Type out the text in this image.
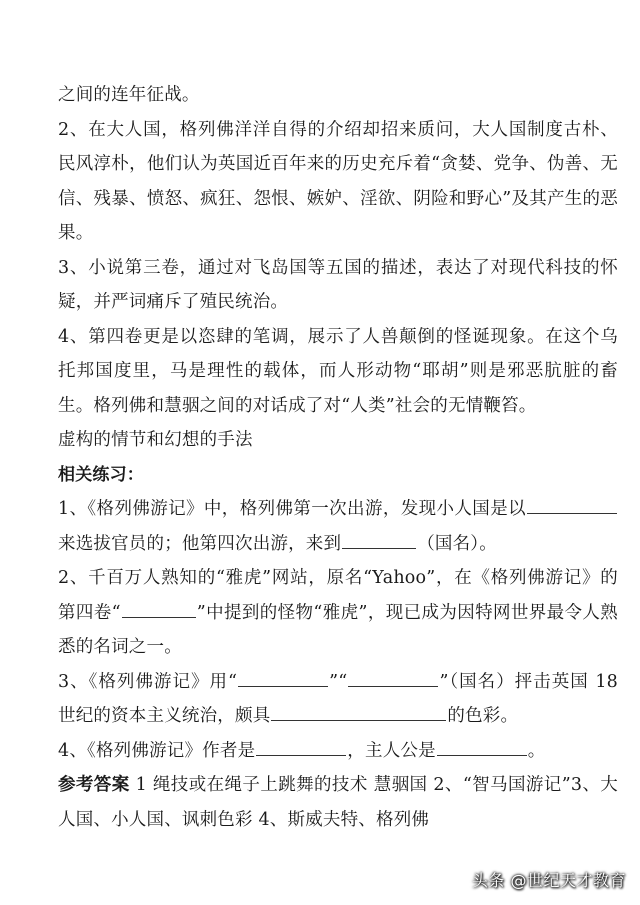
之间的连年征战。

2、在大人国，格列佛洋洋自得的介绍却招来质问，大人国制度古朴、民风淳朴，他们认为英国近百年来的历史充斥着“贪婪、党争、伪善、无信、残暴、愤怒、疯狂、怨恨、嫉妒、淫欲、阴险和野心”及其产生的恶果。

3、小说第三卷，通过对飞岛国等五国的描述，表达了对现代科技的怀疑，并严词痛斥了殖民统治。

4、第四卷更是以恣肆的笔调，展示了人兽颠倒的怪诞现象。在这个乌托邦国度里，马是理性的载体，而人形动物“耶胡”则是邪恶肮脏的畜生。格列佛和慧骃之间的对话成了对“人类”社会的无情鞭笞。

虚构的情节和幻想的手法

相关练习：

1、《格列佛游记》中，格列佛第一次出游，发现小人国是以来选拔官员的；他第四次出游，来到	（国名）。

2、千百万人熟知的“雅虎”网站，原名“Yahoo”，在《格列佛游记》的第四卷“	”中提到的怪物“雅虎”，现已成为因特网世界最令人熟悉的名词之一。

3、《格列佛游记》用“	”“	”（国名）抨击英国 18 世纪的资本主义统治，颇具	的色彩。

4、《格列佛游记》作者是	，主人公是	。

参考答案 1 绳技或在绳子上跳舞的技术 慧骃国 2、“智马国游记”3、大人国、小人国、讽刺色彩 4、斯威夫特、格列佛

头条 @世纪天才教育
